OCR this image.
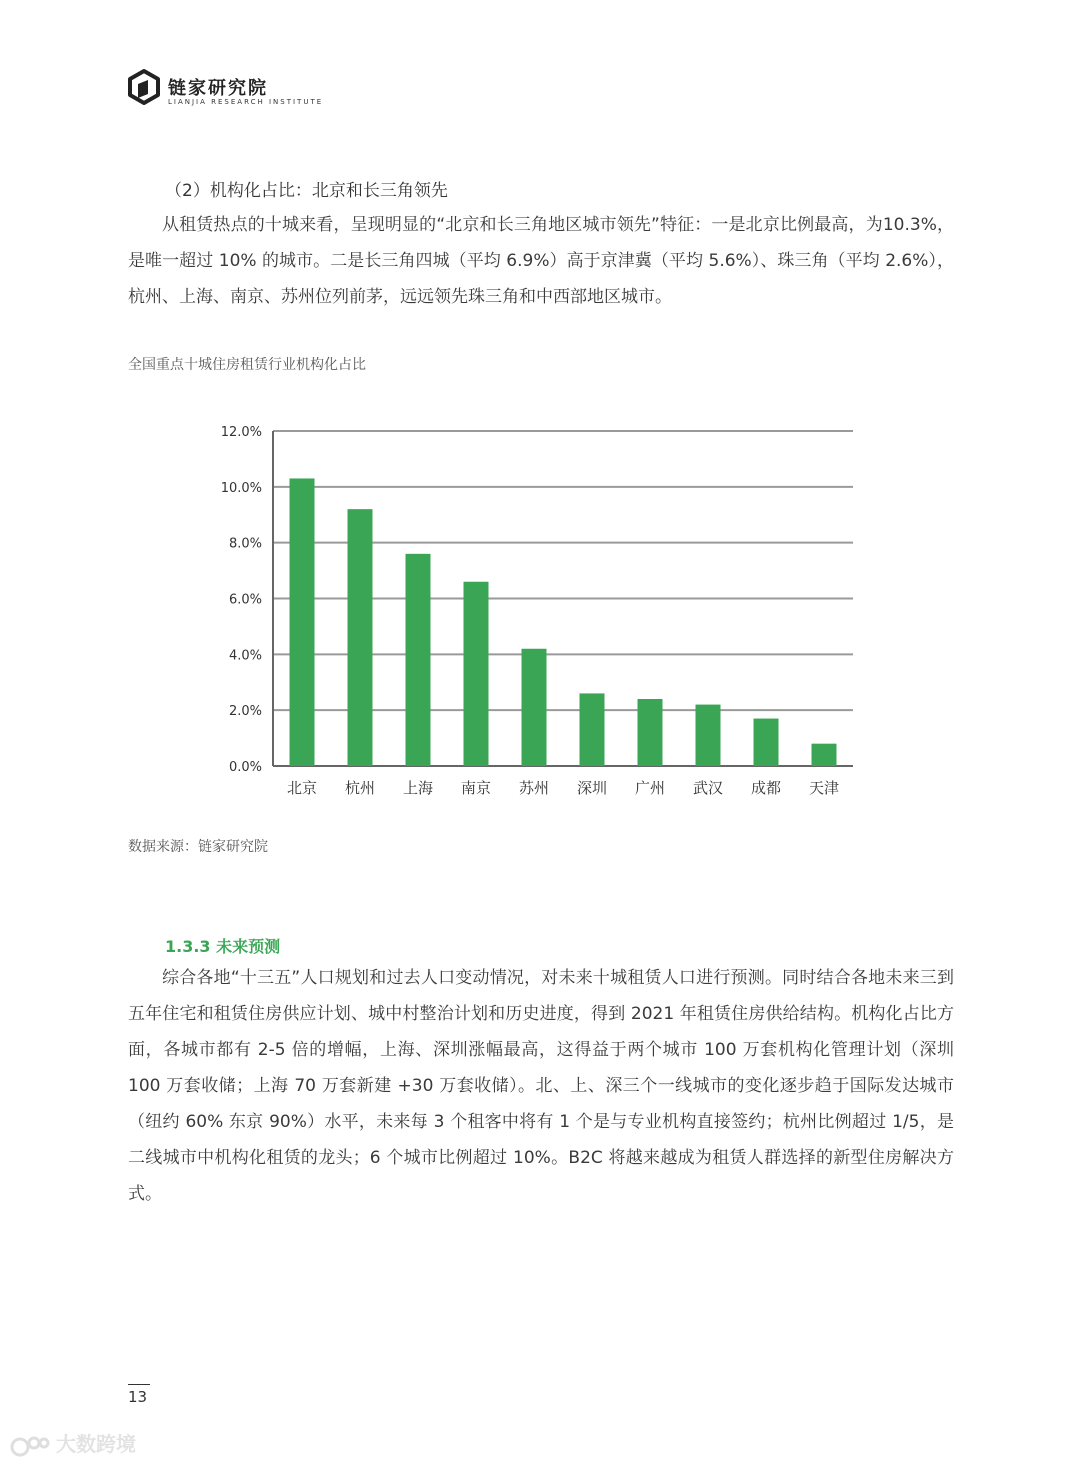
链家研究院
LIANJIA RESEARCH INSTITUTE
（2）机构化占比：北京和长三角领先
从租赁热点的十城来看，呈现明显的“北京和长三角地区城市领先”特征：一是北京比例最高，为10.3%，是唯一超过 10% 的城市。二是长三角四城（平均 6.9%）高于京津冀（平均 5.6%）、珠三角（平均 2.6%），杭州、上海、南京、苏州位列前茅，远远领先珠三角和中西部地区城市。
全国重点十城住房租赁行业机构化占比
0.0%
2.0%
4.0%
6.0%
8.0%
10.0%
12.0%
北京 杭州 上海 南京 苏州 深圳 广州 武汉 成都 天津
数据来源：链家研究院
1.3.3 未来预测
综合各地“十三五”人口规划和过去人口变动情况，对未来十城租赁人口进行预测。同时结合各地未来三到五年住宅和租赁住房供应计划、城中村整治计划和历史进度，得到 2021 年租赁住房供给结构。机构化占比方面，各城市都有 2-5 倍的增幅，上海、深圳涨幅最高，这得益于两个城市 100 万套机构化管理计划（深圳 100 万套收储；上海 70 万套新建 +30 万套收储）。北、上、深三个一线城市的变化逐步趋于国际发达城市（纽约 60% 东京 90%）水平，未来每 3 个租客中将有 1 个是与专业机构直接签约；杭州比例超过 1/5，是二线城市中机构化租赁的龙头；6 个城市比例超过 10%。B2C 将越来越成为租赁人群选择的新型住房解决方式。
13
大数跨境
